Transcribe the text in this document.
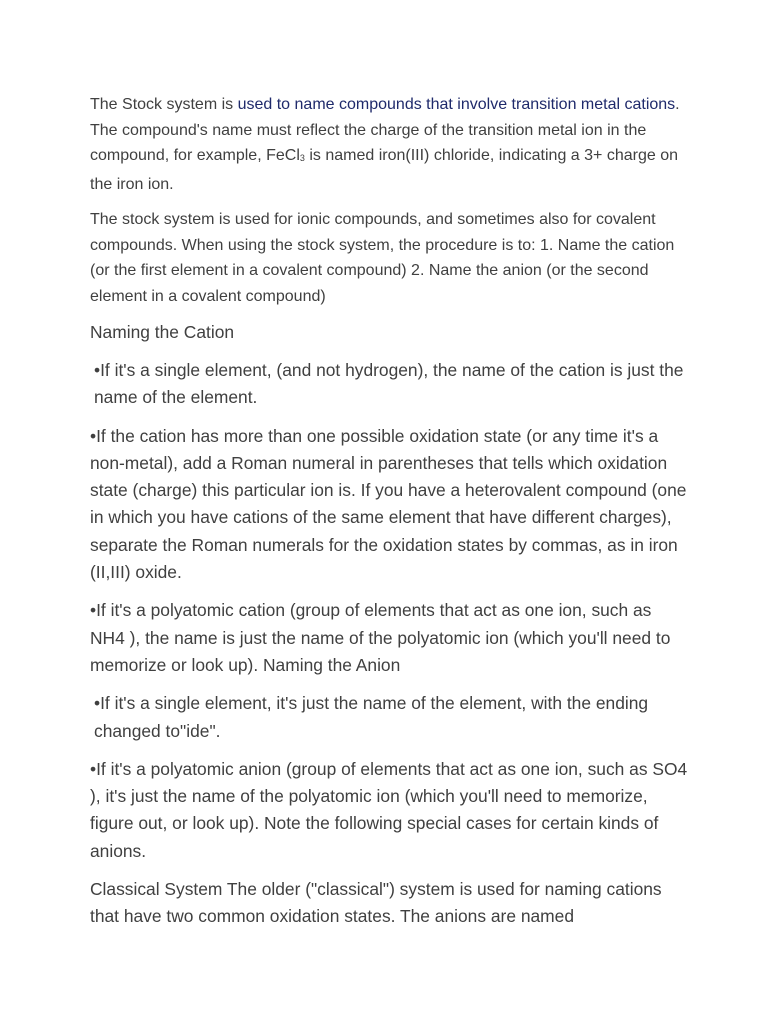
The Stock system is used to name compounds that involve transition metal cations. The compound's name must reflect the charge of the transition metal ion in the compound, for example, FeCl3 is named iron(III) chloride, indicating a 3+ charge on the iron ion.

The stock system is used for ionic compounds, and sometimes also for covalent compounds. When using the stock system, the procedure is to: 1. Name the cation (or the first element in a covalent compound) 2. Name the anion (or the second element in a covalent compound)

Naming the Cation

•If it's a single element, (and not hydrogen), the name of the cation is just the name of the element.

•If the cation has more than one possible oxidation state (or any time it's a non-metal), add a Roman numeral in parentheses that tells which oxidation state (charge) this particular ion is. If you have a heterovalent compound (one in which you have cations of the same element that have different charges), separate the Roman numerals for the oxidation states by commas, as in iron (II,III) oxide.

•If it's a polyatomic cation (group of elements that act as one ion, such as NH4 ), the name is just the name of the polyatomic ion (which you'll need to memorize or look up). Naming the Anion

•If it's a single element, it's just the name of the element, with the ending changed to"ide".

•If it's a polyatomic anion (group of elements that act as one ion, such as SO4 ), it's just the name of the polyatomic ion (which you'll need to memorize, figure out, or look up). Note the following special cases for certain kinds of anions.

Classical System The older ("classical") system is used for naming cations that have two common oxidation states. The anions are named
